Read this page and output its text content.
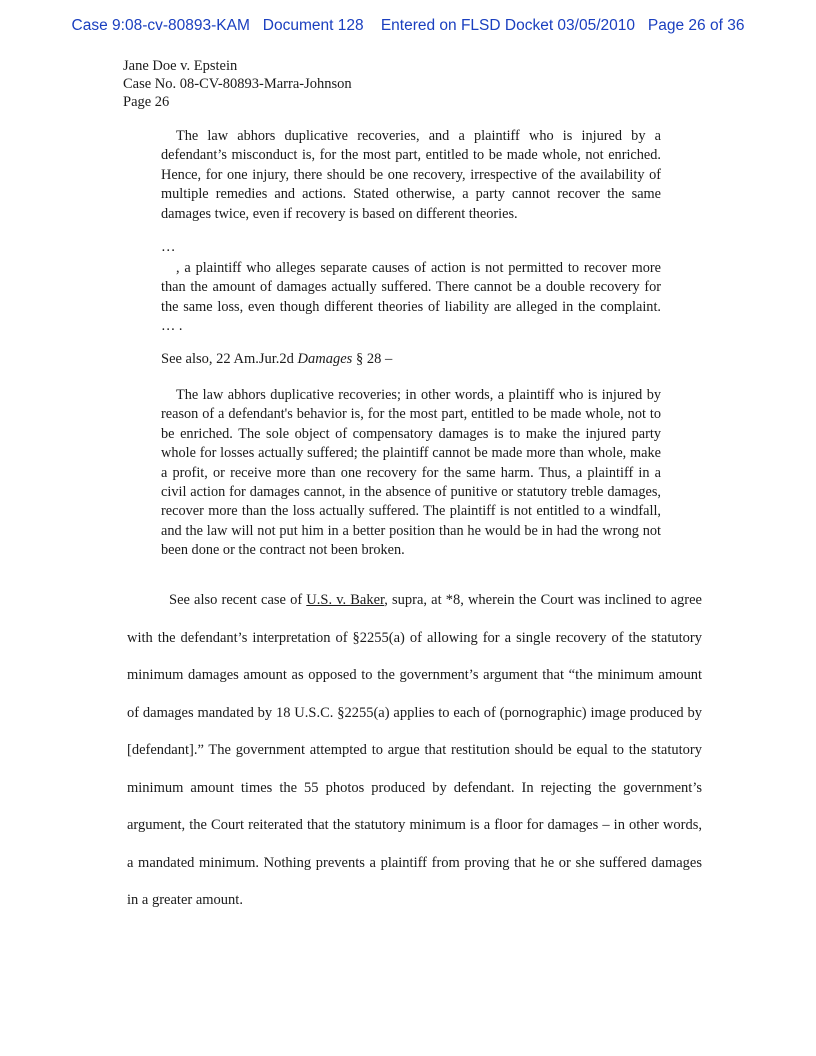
Case 9:08-cv-80893-KAM   Document 128    Entered on FLSD Docket 03/05/2010   Page 26 of 36
Jane Doe v. Epstein
Case No. 08-CV-80893-Marra-Johnson
Page 26

The law abhors duplicative recoveries, and a plaintiff who is injured by a defendant’s misconduct is, for the most part, entitled to be made whole, not enriched. Hence, for one injury, there should be one recovery, irrespective of the availability of multiple remedies and actions. Stated otherwise, a party cannot recover the same damages twice, even if recovery is based on different theories.

…

, a plaintiff who alleges separate causes of action is not permitted to recover more than the amount of damages actually suffered. There cannot be a double recovery for the same loss, even though different theories of liability are alleged in the complaint. … .

See also, 22 Am.Jur.2d Damages § 28 –

The law abhors duplicative recoveries; in other words, a plaintiff who is injured by reason of a defendant's behavior is, for the most part, entitled to be made whole, not to be enriched. The sole object of compensatory damages is to make the injured party whole for losses actually suffered; the plaintiff cannot be made more than whole, make a profit, or receive more than one recovery for the same harm. Thus, a plaintiff in a civil action for damages cannot, in the absence of punitive or statutory treble damages, recover more than the loss actually suffered. The plaintiff is not entitled to a windfall, and the law will not put him in a better position than he would be in had the wrong not been done or the contract not been broken.

See also recent case of U.S. v. Baker, supra, at *8, wherein the Court was inclined to agree with the defendant’s interpretation of §2255(a) of allowing for a single recovery of the statutory minimum damages amount as opposed to the government’s argument that “the minimum amount of damages mandated by 18 U.S.C. §2255(a) applies to each of (pornographic) image produced by [defendant].” The government attempted to argue that restitution should be equal to the statutory minimum amount times the 55 photos produced by defendant. In rejecting the government’s argument, the Court reiterated that the statutory minimum is a floor for damages – in other words, a mandated minimum. Nothing prevents a plaintiff from proving that he or she suffered damages in a greater amount.
